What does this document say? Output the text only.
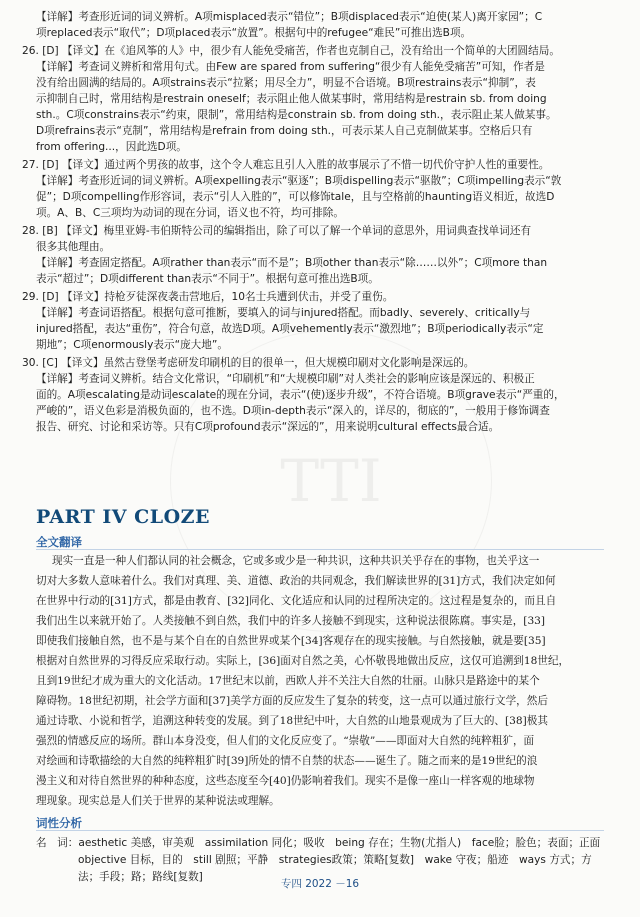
TTI
【详解】考查形近词的词义辨析。A项misplaced表示“错位”；B项displaced表示“迫使(某人)离开家园”；C
项replaced表示“取代”；D项placed表示“放置”。根据句中的refugee“难民”可推出选B项。
26. [D] 【译文】在《追风筝的人》中，很少有人能免受痛苦，作者也克制自己，没有给出一个简单的大团圆结局。
【详解】考查词义辨析和常用句式。由Few are spared from suffering“很少有人能免受痛苦”可知，作者是
没有给出圆满的结局的。A项strains表示“拉紧；用尽全力”，明显不合语境。B项restrains表示“抑制”，表
示抑制自己时，常用结构是restrain oneself；表示阻止他人做某事时，常用结构是restrain sb. from doing
sth.。C项constrains表示“约束，限制”，常用结构是constrain sb. from doing sth.，表示阻止某人做某事。
D项refrains表示“克制”，常用结构是refrain from doing sth.，可表示某人自己克制做某事。空格后只有
from offering...，因此选D项。
27. [D] 【译文】通过两个男孩的故事，这个令人难忘且引人入胜的故事展示了不惜一切代价守护人性的重要性。
【详解】考查形近词的词义辨析。A项expelling表示“驱逐”；B项dispelling表示“驱散”；C项impelling表示“敦
促”；D项compelling作形容词，表示“引人入胜的”，可以修饰tale，且与空格前的haunting语义相近，故选D
项。A、B、C三项均为动词的现在分词，语义也不符，均可排除。
28. [B] 【译文】梅里亚姆-韦伯斯特公司的编辑指出，除了可以了解一个单词的意思外，用词典查找单词还有
很多其他理由。
【详解】考查固定搭配。A项rather than表示“而不是”；B项other than表示“除……以外”；C项more than
表示“超过”；D项different than表示“不同于”。根据句意可推出选B项。
29. [D] 【译文】持枪歹徒深夜袭击营地后，10名士兵遭到伏击，并受了重伤。
【详解】考查词语搭配。根据句意可推断，要填入的词与injured搭配。而badly、severely、critically与
injured搭配，表达“重伤”，符合句意，故选D项。A项vehemently表示“激烈地”；B项periodically表示“定
期地”；C项enormously表示“庞大地”。
30. [C] 【译文】虽然古登堡考虑研发印刷机的目的很单一，但大规模印刷对文化影响是深远的。
【详解】考查词义辨析。结合文化常识，“印刷机”和“大规模印刷”对人类社会的影响应该是深远的、积极正
面的。A项escalating是动词escalate的现在分词，表示“(使)逐步升级”，不符合语境。B项grave表示“严重的，
严峻的”，语义色彩是消极负面的，也不选。D项in-depth表示“深入的，详尽的，彻底的”，一般用于修饰调查
报告、研究、讨论和采访等。只有C项profound表示“深远的”，用来说明cultural effects最合适。
PART IV CLOZE
全文翻译
现实一直是一种人们都认同的社会概念，它或多或少是一种共识，这种共识关乎存在的事物，也关乎这一
切对大多数人意味着什么。我们对真理、美、道德、政治的共同观念，我们解读世界的[31]方式，我们决定如何
在世界中行动的[31]方式，都是由教育、[32]同化、文化适应和认同的过程所决定的。这过程是复杂的，而且自
我们出生以来就开始了。人类接触不到自然，我们中的许多人接触不到现实，这种说法很陈腐。事实是，[33]
即使我们接触自然，也不是与某个自在的自然世界或某个[34]客观存在的现实接触。与自然接触，就是要[35]
根据对自然世界的习得反应采取行动。实际上，[36]面对自然之美，心怀敬畏地做出反应，这仅可追溯到18世纪，
且到19世纪才成为重大的文化活动。17世纪末以前，西欧人并不关注大自然的壮丽。山脉只是路途中的某个
障碍物。18世纪初期，社会学方面和[37]美学方面的反应发生了复杂的转变，这一点可以通过旅行文学，然后
通过诗歌、小说和哲学，追溯这种转变的发展。到了18世纪中叶，大自然的山地景观成为了巨大的、[38]极其
强烈的情感反应的场所。群山本身没变，但人们的文化反应变了。“崇敬”——即面对大自然的纯粹粗犷，面
对绘画和诗歌描绘的大自然的纯粹粗犷时[39]所处的情不自禁的状态——诞生了。随之而来的是19世纪的浪
漫主义和对待自然世界的种种态度，这些态度至今[40]仍影响着我们。现实不是像一座山一样客观的地球物
理现象。现实总是人们关于世界的某种说法或理解。
词性分析
名　词：aesthetic 美感，审美观　assimilation 同化；吸收　being 存在；生物(尤指人)　face脸；脸色；表面；正面
objective 目标，目的　still 剧照；平静　strategies政策；策略[复数]　wake 守夜；船迹　ways 方式；方
法；手段；路；路线[复数]
专四 2022 －16
